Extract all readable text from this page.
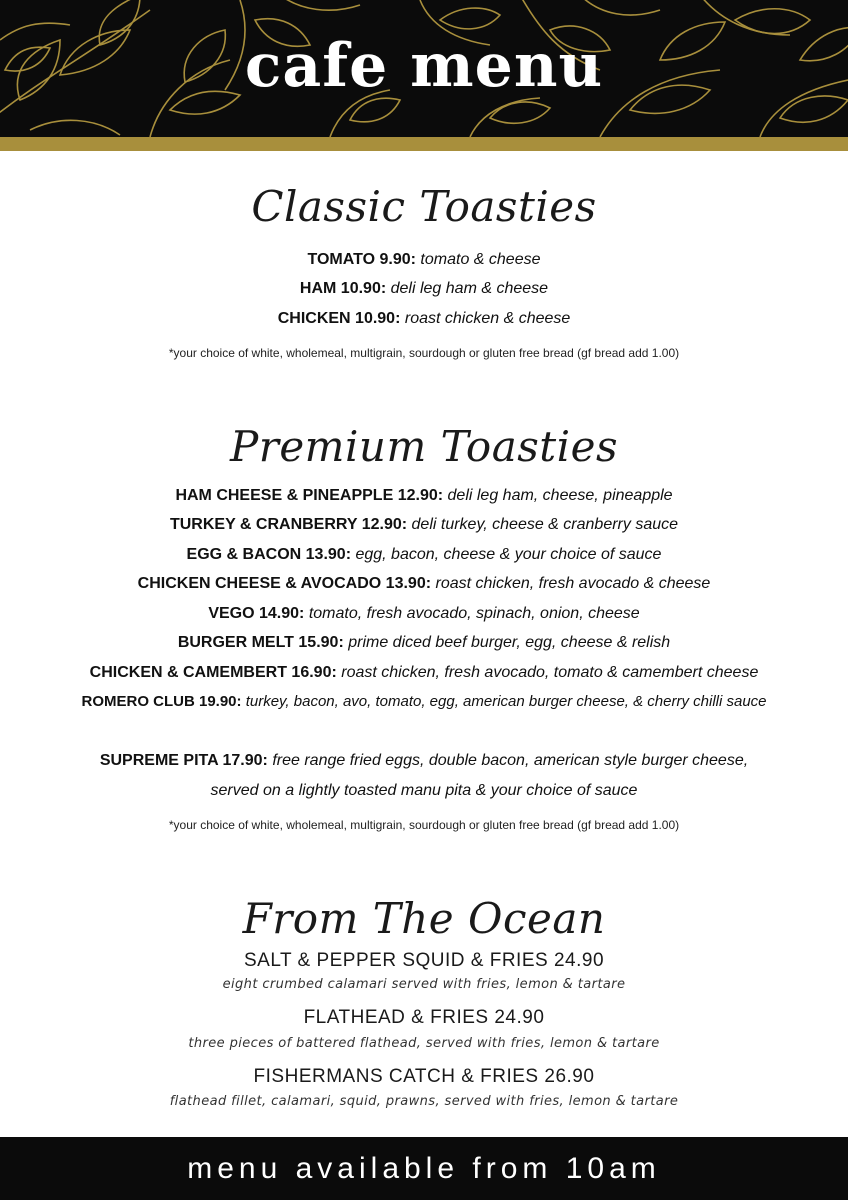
cafe menu
Classic Toasties
TOMATO 9.90: tomato & cheese
HAM 10.90: deli leg ham & cheese
CHICKEN 10.90: roast chicken & cheese
*your choice of white, wholemeal, multigrain, sourdough or gluten free bread (gf bread add 1.00)
Premium Toasties
HAM CHEESE & PINEAPPLE 12.90: deli leg ham, cheese, pineapple
TURKEY & CRANBERRY 12.90: deli turkey, cheese & cranberry sauce
EGG & BACON 13.90: egg, bacon, cheese & your choice of sauce
CHICKEN CHEESE & AVOCADO 13.90: roast chicken, fresh avocado & cheese
VEGO 14.90: tomato, fresh avocado, spinach, onion, cheese
BURGER MELT 15.90: prime diced beef burger, egg, cheese & relish
CHICKEN & CAMEMBERT 16.90: roast chicken, fresh avocado, tomato & camembert cheese
ROMERO CLUB 19.90: turkey, bacon, avo, tomato, egg, american burger cheese, & cherry chilli sauce
SUPREME PITA 17.90: free range fried eggs, double bacon, american style burger cheese,
served on a lightly toasted manu pita & your choice of sauce
*your choice of white, wholemeal, multigrain, sourdough or gluten free bread (gf bread add 1.00)
From The Ocean
SALT & PEPPER SQUID & FRIES 24.90
eight crumbed calamari served with fries, lemon & tartare
FLATHEAD & FRIES 24.90
three pieces of battered flathead, served with fries, lemon & tartare
FISHERMANS CATCH & FRIES 26.90
flathead fillet, calamari, squid, prawns, served with fries, lemon & tartare
menu available from 10am
